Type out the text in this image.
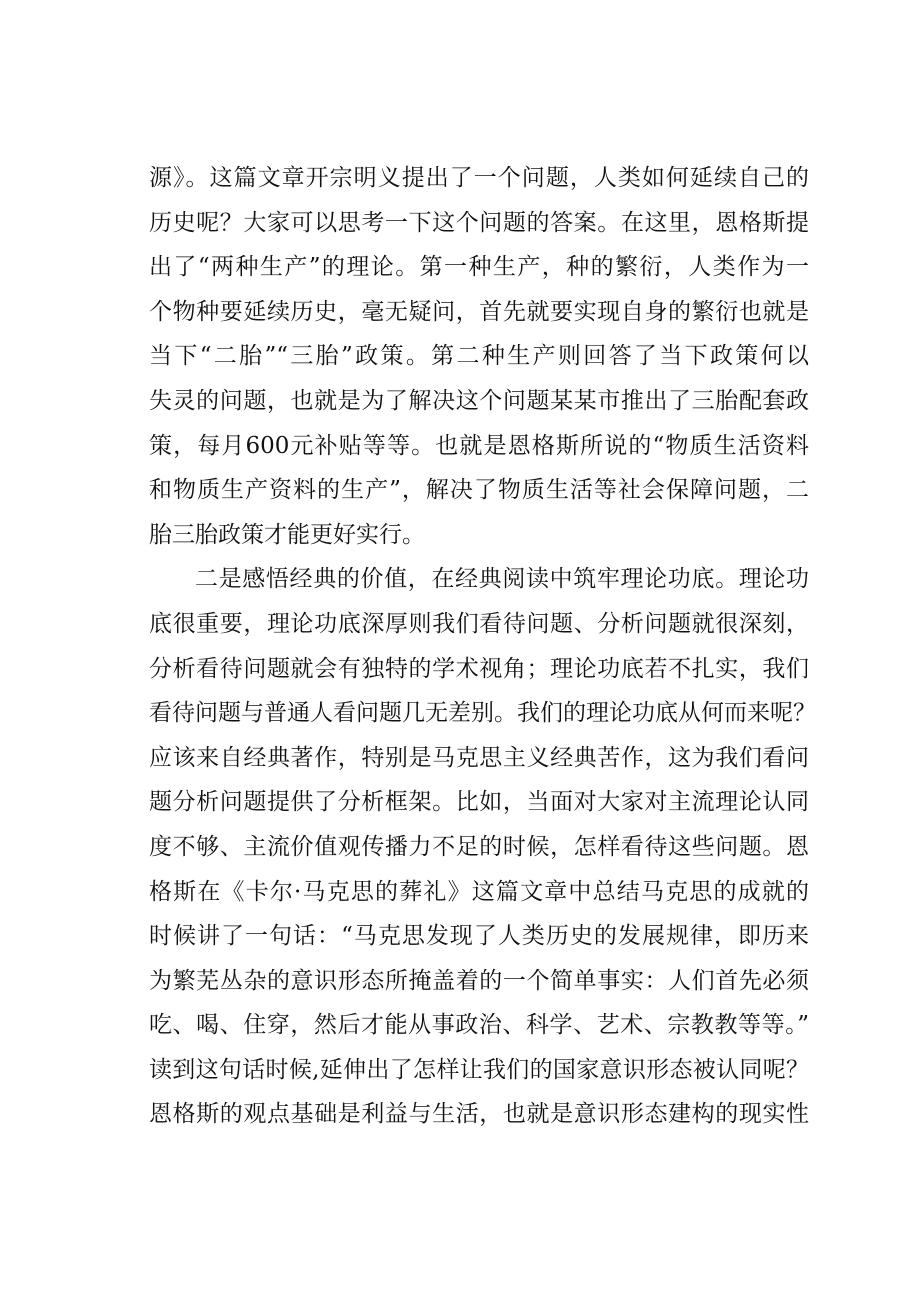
源》。这篇文章开宗明义提出了一个问题，人类如何延续自己的
历史呢？大家可以思考一下这个问题的答案。在这里，恩格斯提
出了“两种生产”的理论。第一种生产，种的繁衍，人类作为一
个物种要延续历史，毫无疑问，首先就要实现自身的繁衍也就是
当下“二胎”“三胎”政策。第二种生产则回答了当下政策何以
失灵的问题，也就是为了解决这个问题某某市推出了三胎配套政
策，每月600元补贴等等。也就是恩格斯所说的“物质生活资料
和物质生产资料的生产”，解决了物质生活等社会保障问题，二
胎三胎政策才能更好实行。
二是感悟经典的价值，在经典阅读中筑牢理论功底。理论功
底很重要，理论功底深厚则我们看待问题、分析问题就很深刻，
分析看待问题就会有独特的学术视角；理论功底若不扎实，我们
看待问题与普通人看问题几无差别。我们的理论功底从何而来呢？
应该来自经典著作，特别是马克思主义经典苦作，这为我们看问
题分析问题提供了分析框架。比如，当面对大家对主流理论认同
度不够、主流价值观传播力不足的时候，怎样看待这些问题。恩
格斯在《卡尔·马克思的葬礼》这篇文章中总结马克思的成就的
时候讲了一句话：“马克思发现了人类历史的发展规律，即历来
为繁芜丛杂的意识形态所掩盖着的一个简单事实：人们首先必须
吃、喝、住穿，然后才能从事政治、科学、艺术、宗教教等等。”
读到这句话时候,延伸出了怎样让我们的国家意识形态被认同呢？
恩格斯的观点基础是利益与生活，也就是意识形态建构的现实性
